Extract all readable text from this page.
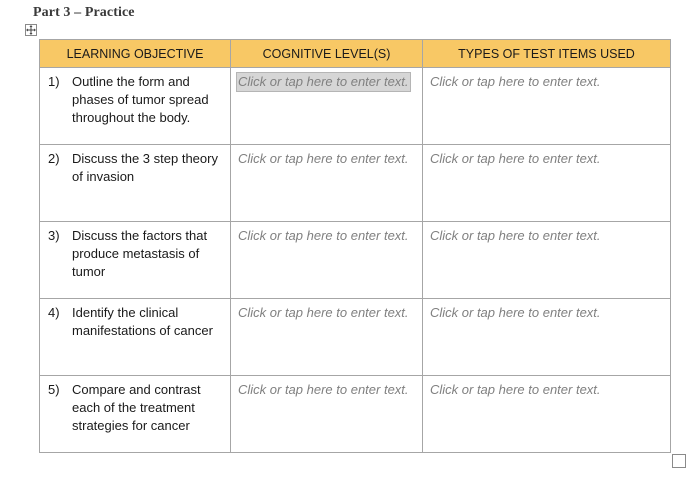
Part 3 – Practice
LEARNING OBJECTIVE	COGNITIVE LEVEL(S)	TYPES OF TEST ITEMS USED

1) Outline the form and phases of tumor spread throughout the body.	Click or tap here to enter text.	Click or tap here to enter text.

2) Discuss the 3 step theory of invasion	Click or tap here to enter text.	Click or tap here to enter text.

3) Discuss the factors that produce metastasis of tumor	Click or tap here to enter text.	Click or tap here to enter text.

4) Identify the clinical manifestations of cancer	Click or tap here to enter text.	Click or tap here to enter text.

5) Compare and contrast each of the treatment strategies for cancer	Click or tap here to enter text.	Click or tap here to enter text.
